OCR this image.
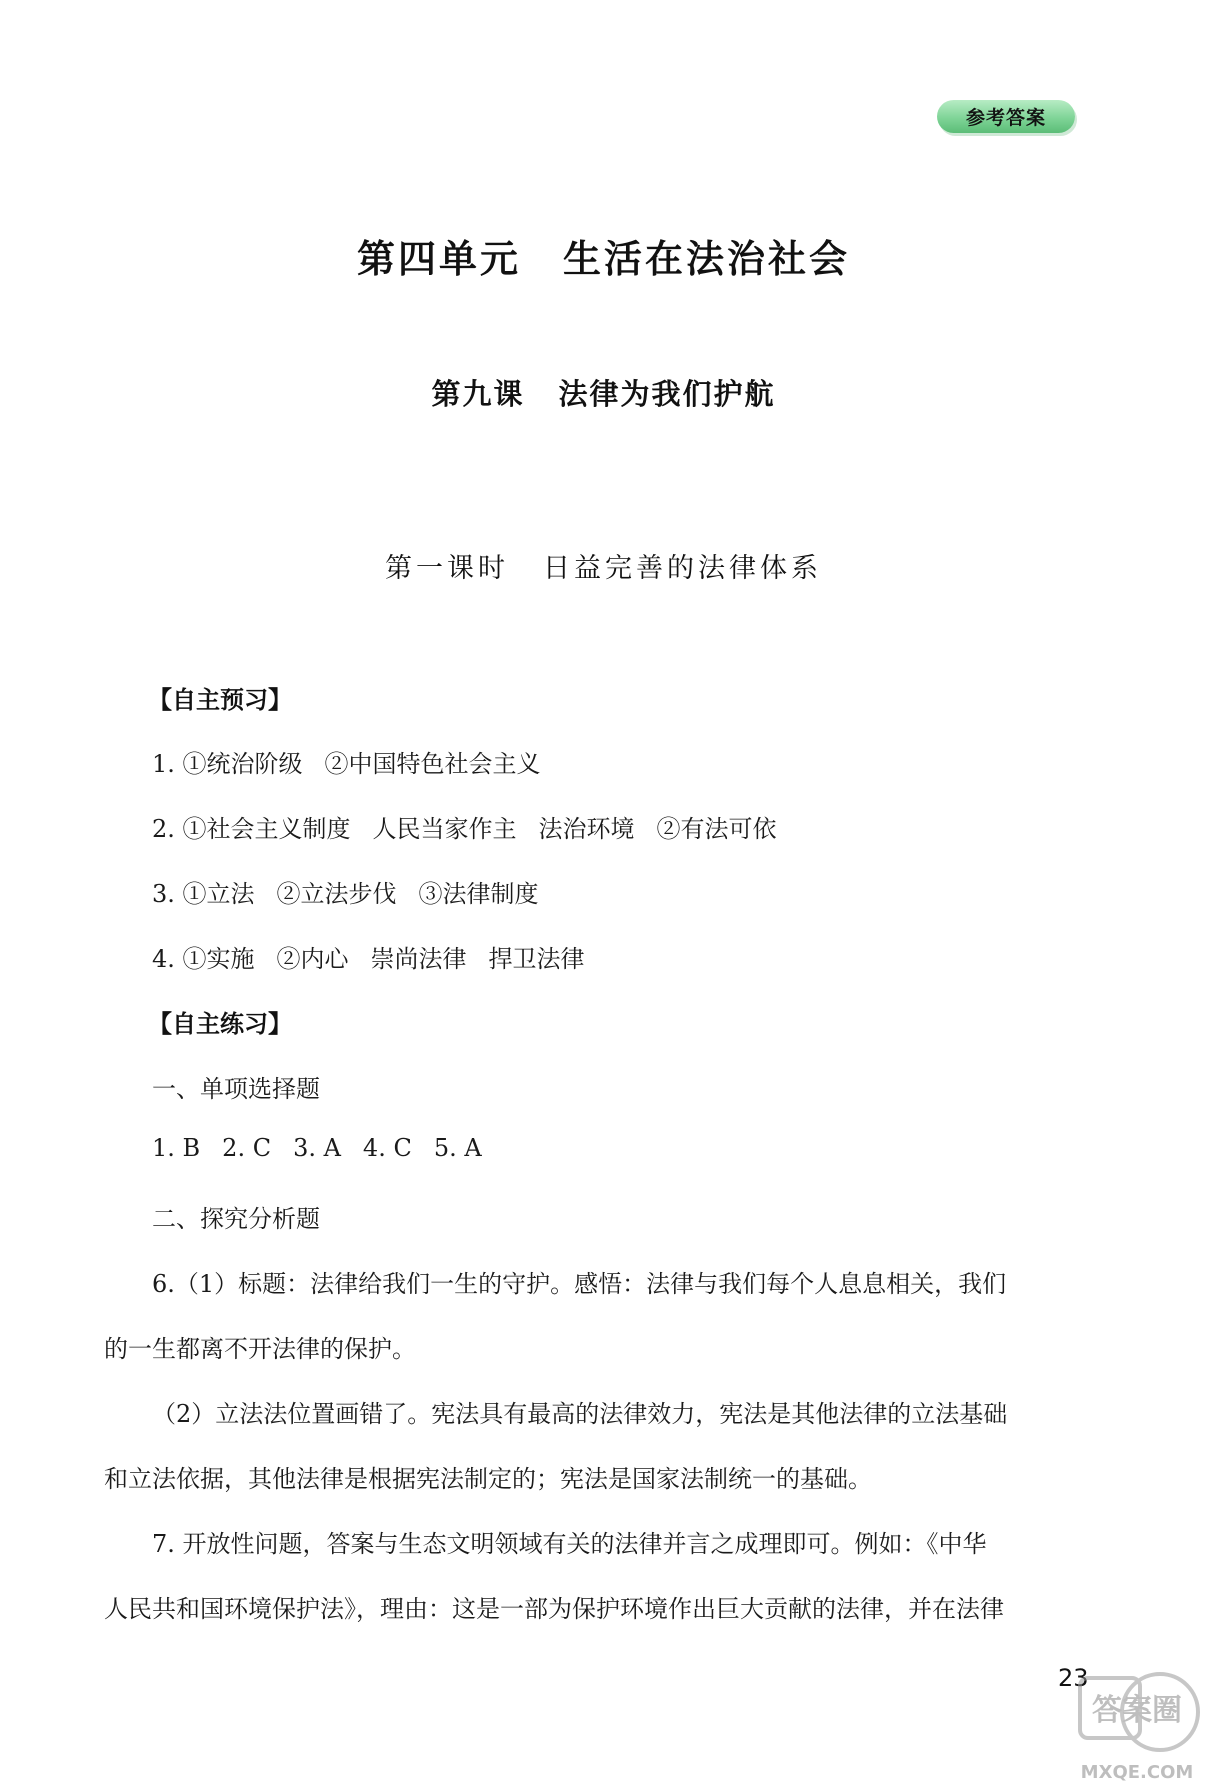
参考答案
第四单元 生活在法治社会
第九课 法律为我们护航
第一课时 日益完善的法律体系
【自主预习】
1. ①统治阶级 ②中国特色社会主义
2. ①社会主义制度 人民当家作主 法治环境 ②有法可依
3. ①立法 ②立法步伐 ③法律制度
4. ①实施 ②内心 崇尚法律 捍卫法律
【自主练习】
一、单项选择题
1. B 2. C 3. A 4. C 5. A
二、探究分析题
6.（1）标题：法律给我们一生的守护。感悟：法律与我们每个人息息相关，我们
的一生都离不开法律的保护。
（2）立法法位置画错了。宪法具有最高的法律效力，宪法是其他法律的立法基础
和立法依据，其他法律是根据宪法制定的；宪法是国家法制统一的基础。
7. 开放性问题，答案与生态文明领域有关的法律并言之成理即可。例如：《中华
人民共和国环境保护法》，理由：这是一部为保护环境作出巨大贡献的法律，并在法律
23
答案圈
MXQE.COM
